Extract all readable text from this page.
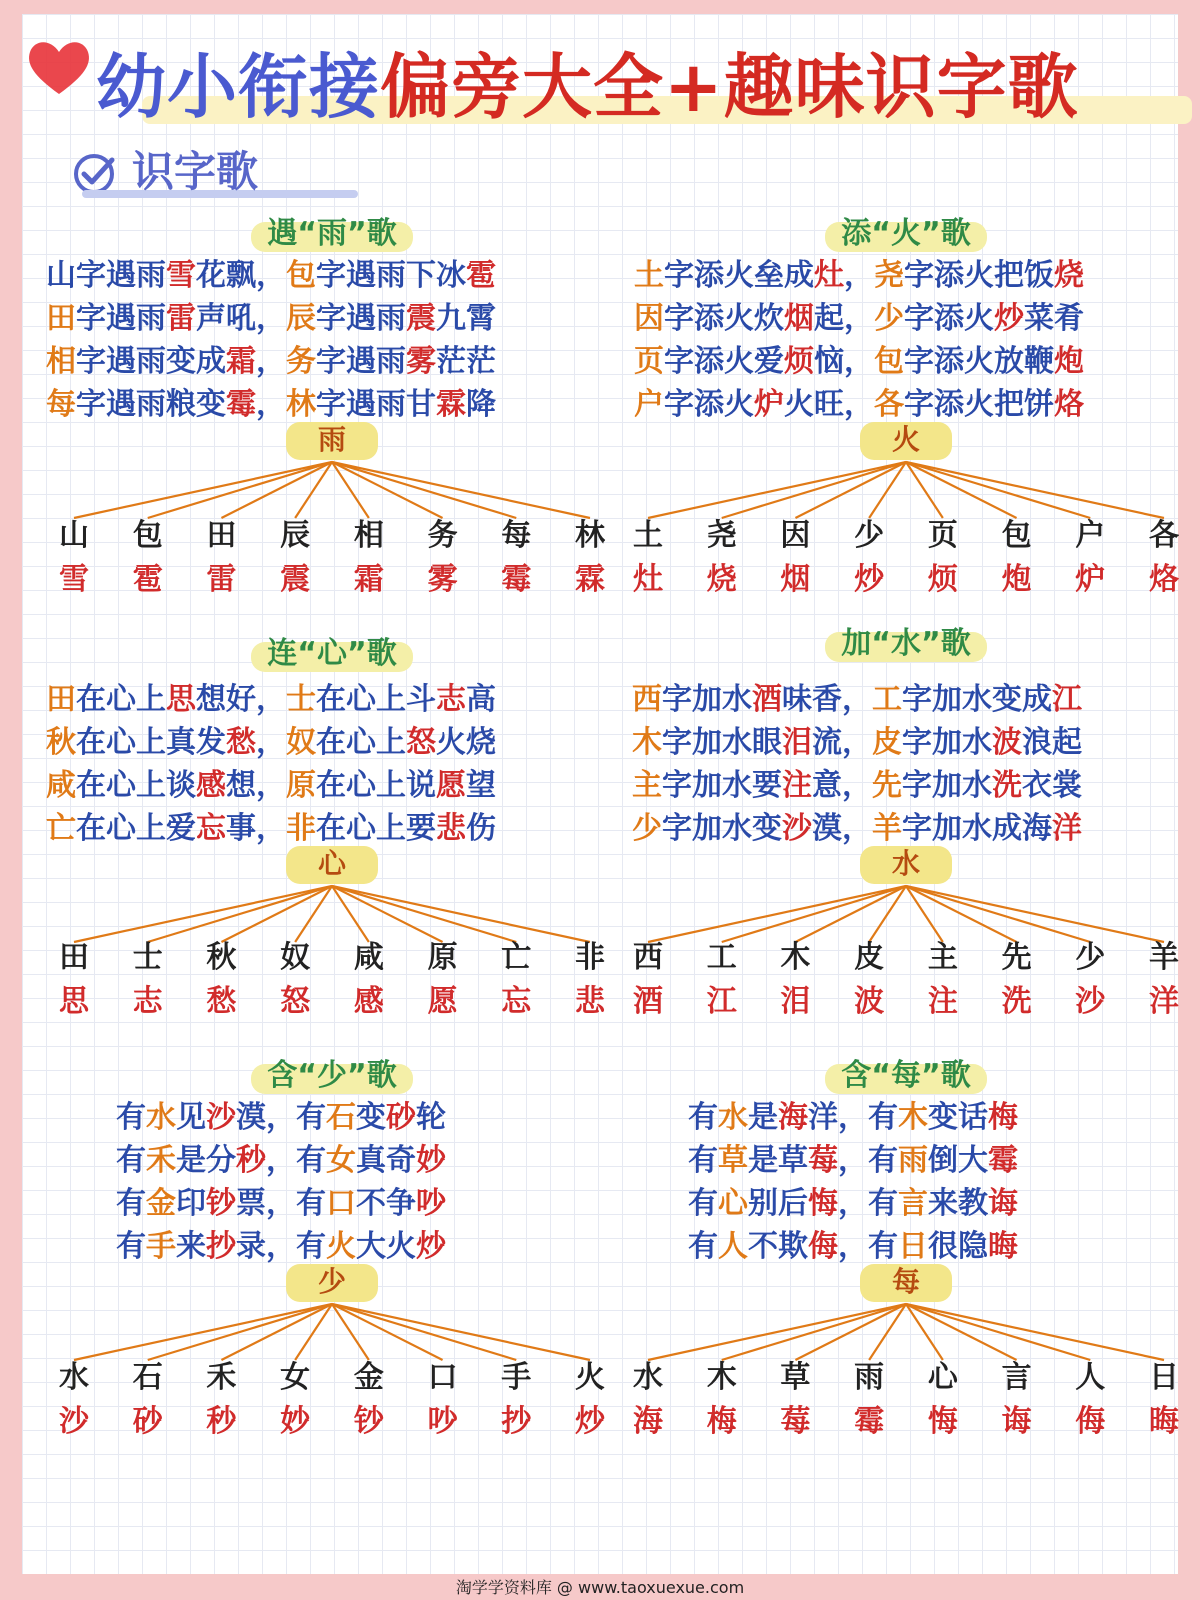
幼小衔接偏旁大全+趣味识字歌
识字歌
遇“雨”歌
山字遇雨雪花飘，包字遇雨下冰雹
田字遇雨雷声吼，辰字遇雨震九霄
相字遇雨变成霜，务字遇雨雾茫茫
每字遇雨粮变霉，林字遇雨甘霖降
雨
山
雪
包
雹
田
雷
辰
震
相
霜
务
雾
每
霉
林
霖
添“火”歌
土字添火垒成灶，尧字添火把饭烧
因字添火炊烟起，少字添火炒菜肴
页字添火爱烦恼，包字添火放鞭炮
户字添火炉火旺，各字添火把饼烙
火
土
灶
尧
烧
因
烟
少
炒
页
烦
包
炮
户
炉
各
烙
连“心”歌
田在心上思想好，士在心上斗志高
秋在心上真发愁，奴在心上怒火烧
咸在心上谈感想，原在心上说愿望
亡在心上爱忘事，非在心上要悲伤
心
田
思
士
志
秋
愁
奴
怒
咸
感
原
愿
亡
忘
非
悲
加“水”歌
西字加水酒味香，工字加水变成江
木字加水眼泪流，皮字加水波浪起
主字加水要注意，先字加水洗衣裳
少字加水变沙漠，羊字加水成海洋
水
西
酒
工
江
木
泪
皮
波
主
注
先
洗
少
沙
羊
洋
含“少”歌
有水见沙漠，有石变砂轮
有禾是分秒，有女真奇妙
有金印钞票，有口不争吵
有手来抄录，有火大火炒
少
水
沙
石
砂
禾
秒
女
妙
金
钞
口
吵
手
抄
火
炒
含“每”歌
有水是海洋，有木变话梅
有草是草莓，有雨倒大霉
有心别后悔，有言来教诲
有人不欺侮，有日很隐晦
每
水
海
木
梅
草
莓
雨
霉
心
悔
言
诲
人
侮
日
晦
淘学学资料库 @ www.taoxuexue.com
